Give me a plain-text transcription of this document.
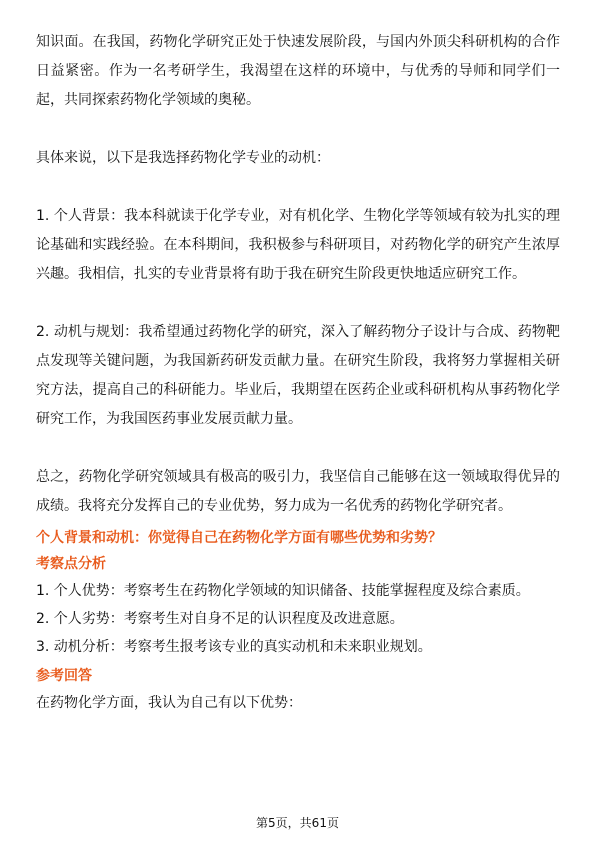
知识面。在我国，药物化学研究正处于快速发展阶段，与国内外顶尖科研机构的合作日益紧密。作为一名考研学生，我渴望在这样的环境中，与优秀的导师和同学们一起，共同探索药物化学领域的奥秘。

具体来说，以下是我选择药物化学专业的动机：

1. 个人背景：我本科就读于化学专业，对有机化学、生物化学等领域有较为扎实的理论基础和实践经验。在本科期间，我积极参与科研项目，对药物化学的研究产生浓厚兴趣。我相信，扎实的专业背景将有助于我在研究生阶段更快地适应研究工作。

2. 动机与规划：我希望通过药物化学的研究，深入了解药物分子设计与合成、药物靶点发现等关键问题，为我国新药研发贡献力量。在研究生阶段，我将努力掌握相关研究方法，提高自己的科研能力。毕业后，我期望在医药企业或科研机构从事药物化学研究工作，为我国医药事业发展贡献力量。

总之，药物化学研究领域具有极高的吸引力，我坚信自己能够在这一领域取得优异的成绩。我将充分发挥自己的专业优势，努力成为一名优秀的药物化学研究者。

个人背景和动机：你觉得自己在药物化学方面有哪些优势和劣势？

考察点分析

1. 个人优势：考察考生在药物化学领域的知识储备、技能掌握程度及综合素质。

2. 个人劣势：考察考生对自身不足的认识程度及改进意愿。

3. 动机分析：考察考生报考该专业的真实动机和未来职业规划。

参考回答

在药物化学方面，我认为自己有以下优势：

第5页，共61页
